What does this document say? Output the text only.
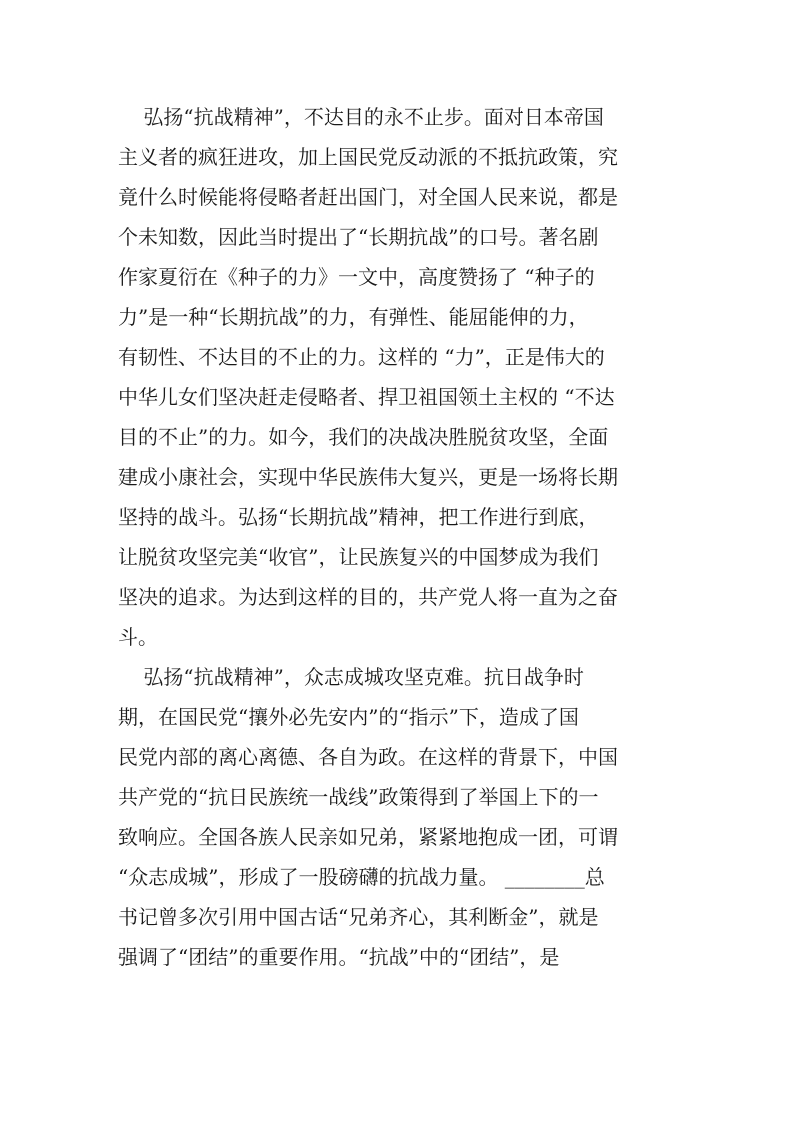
弘扬“抗战精神”，不达目的永不止步。面对日本帝国
主义者的疯狂进攻，加上国民党反动派的不抵抗政策，究
竟什么时候能将侵略者赶出国门，对全国人民来说，都是
个未知数，因此当时提出了“长期抗战”的口号。著名剧
作家夏衍在《种子的力》一文中，高度赞扬了 “种子的
力”是一种“长期抗战”的力，有弹性、能屈能伸的力，
有韧性、不达目的不止的力。这样的 “力”，正是伟大的
中华儿女们坚决赶走侵略者、捍卫祖国领土主权的 “不达
目的不止”的力。如今，我们的决战决胜脱贫攻坚，全面
建成小康社会，实现中华民族伟大复兴，更是一场将长期
坚持的战斗。弘扬“长期抗战”精神，把工作进行到底，
让脱贫攻坚完美“收官”，让民族复兴的中国梦成为我们
坚决的追求。为达到这样的目的，共产党人将一直为之奋
斗。
弘扬“抗战精神”，众志成城攻坚克难。抗日战争时
期，在国民党“攘外必先安内”的“指示”下，造成了国
民党内部的离心离德、各自为政。在这样的背景下，中国
共产党的“抗日民族统一战线”政策得到了举国上下的一
致响应。全国各族人民亲如兄弟，紧紧地抱成一团，可谓
“众志成城”，形成了一股磅礴的抗战力量。 ________总
书记曾多次引用中国古话“兄弟齐心，其利断金”，就是
强调了“团结”的重要作用。“抗战”中的“团结”，是
